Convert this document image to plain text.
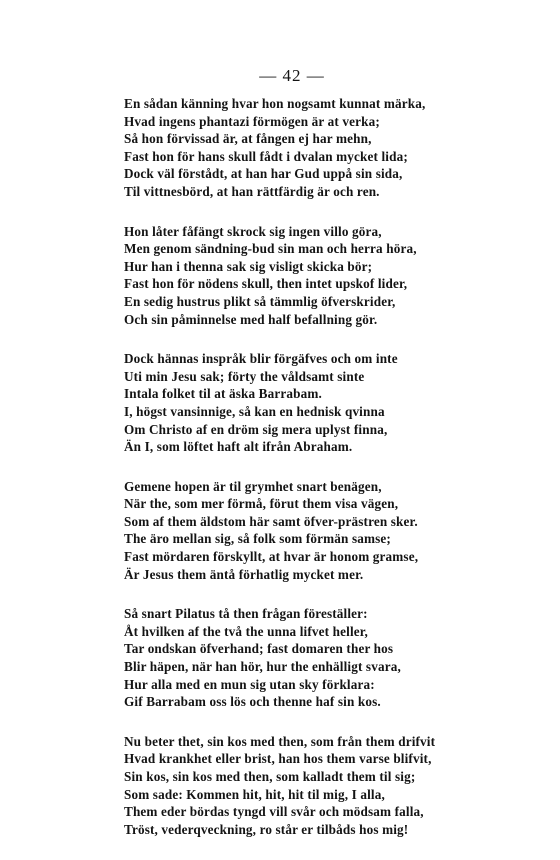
— 42 —
En sådan känning hvar hon nogsamt kunnat märka,
Hvad ingens phantazi förmögen är at verka;
Så hon förvissad är, at fången ej har mehn,
Fast hon för hans skull fådt i dvalan mycket lida;
Dock väl förstådt, at han har Gud uppå sin sida,
Til vittnesbörd, at han rättfärdig är och ren.
Hon låter fåfängt skrock sig ingen villo göra,
Men genom sändning-bud sin man och herra höra,
Hur han i thenna sak sig visligt skicka bör;
Fast hon för nödens skull, then intet upskof lider,
En sedig hustrus plikt så tämmlig öfverskrider,
Och sin påminnelse med half befallning gör.
Dock hännas inspråk blir förgäfves och om inte
Uti min Jesu sak; förty the våldsamt sinte
Intala folket til at äska Barrabam.
I, högst vansinnige, så kan en hednisk qvinna
Om Christo af en dröm sig mera uplyst finna,
Än I, som löftet haft alt ifrån Abraham.
Gemene hopen är til grymhet snart benägen,
När the, som mer förmå, förut them visa vägen,
Som af them äldstom här samt öfver-prästren sker.
The äro mellan sig, så folk som förmän samse;
Fast mördaren förskyllt, at hvar är honom gramse,
Är Jesus them äntå förhatlig mycket mer.
Så snart Pilatus tå then frågan föreställer:
Åt hvilken af the två the unna lifvet heller,
Tar ondskan öfverhand; fast domaren ther hos
Blir häpen, när han hör, hur the enhälligt svara,
Hur alla med en mun sig utan sky förklara:
Gif Barrabam oss lös och thenne haf sin kos.
Nu beter thet, sin kos med then, som från them drifvit
Hvad krankhet eller brist, han hos them varse blifvit,
Sin kos, sin kos med then, som kalladt them til sig;
Som sade: Kommen hit, hit, hit til mig, I alla,
Them eder bördas tyngd vill svår och mödsam falla,
Tröst, vederqveckning, ro står er tilbåds hos mig!
